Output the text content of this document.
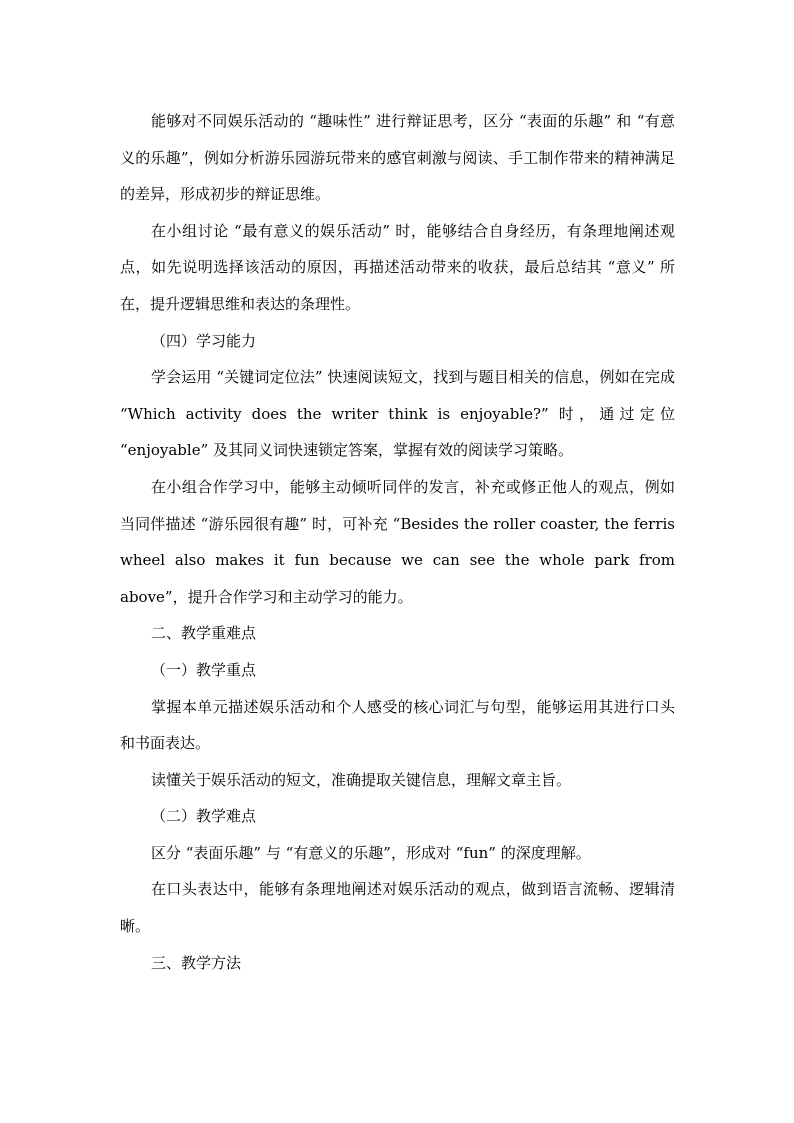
能够对不同娱乐活动的 “趣味性” 进行辩证思考，区分 “表面的乐趣” 和 “有意义的乐趣”，例如分析游乐园游玩带来的感官刺激与阅读、手工制作带来的精神满足的差异，形成初步的辩证思维。

在小组讨论 “最有意义的娱乐活动” 时，能够结合自身经历，有条理地阐述观点，如先说明选择该活动的原因，再描述活动带来的收获，最后总结其 “意义” 所在，提升逻辑思维和表达的条理性。

（四）学习能力

学会运用 “关键词定位法” 快速阅读短文，找到与题目相关的信息，例如在完成 “Which activity does the writer think is enjoyable?” 时，通过定位 “enjoyable” 及其同义词快速锁定答案，掌握有效的阅读学习策略。

在小组合作学习中，能够主动倾听同伴的发言，补充或修正他人的观点，例如当同伴描述 “游乐园很有趣” 时，可补充 “Besides the roller coaster, the ferris wheel also makes it fun because we can see the whole park from above”，提升合作学习和主动学习的能力。

二、教学重难点

（一）教学重点

掌握本单元描述娱乐活动和个人感受的核心词汇与句型，能够运用其进行口头和书面表达。

读懂关于娱乐活动的短文，准确提取关键信息，理解文章主旨。

（二）教学难点

区分 “表面乐趣” 与 “有意义的乐趣”，形成对 “fun” 的深度理解。

在口头表达中，能够有条理地阐述对娱乐活动的观点，做到语言流畅、逻辑清晰。

三、教学方法
